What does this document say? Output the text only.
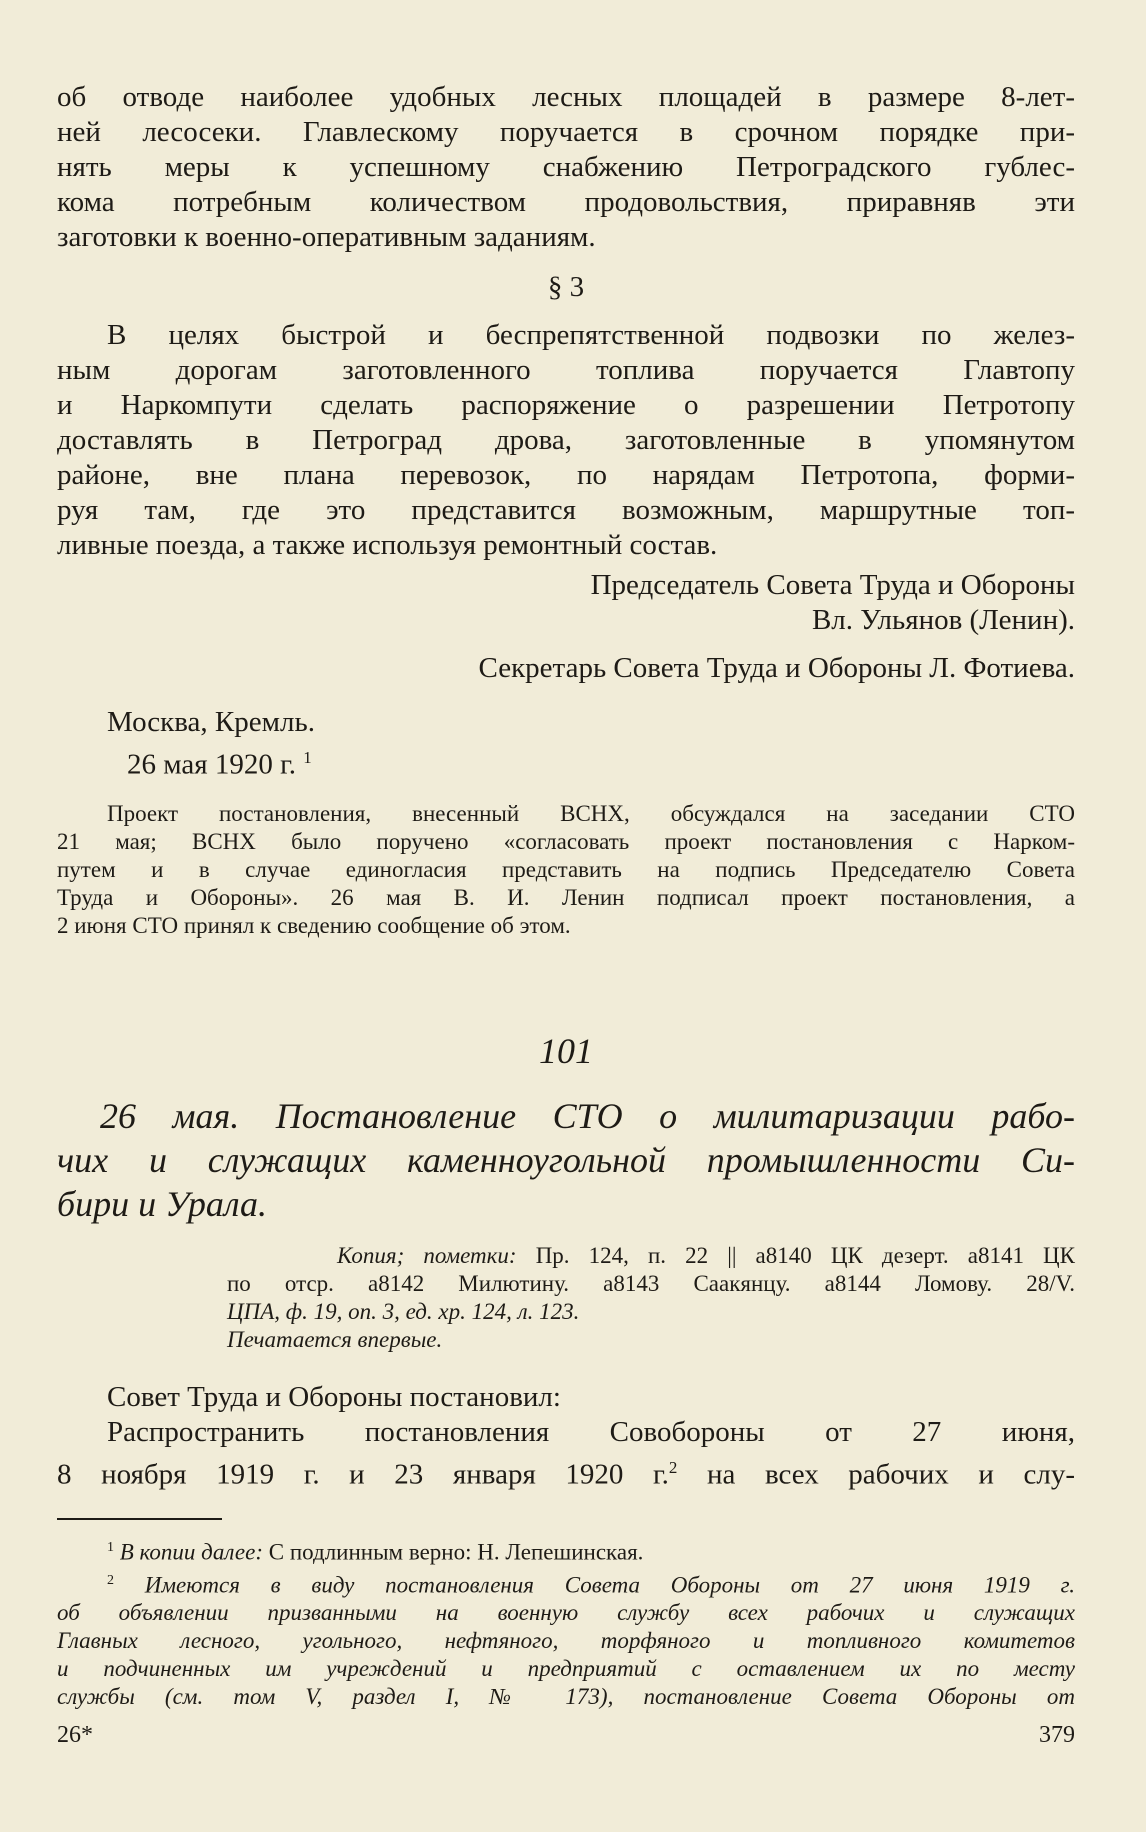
об отводе наиболее удобных лесных площадей в размере 8-лет-
ней лесосеки. Главлескому поручается в срочном порядке при-
нять меры к успешному снабжению Петроградского гублес-
кома потребным количеством продовольствия, приравняв эти
заготовки к военно-оперативным заданиям.
§ 3
В целях быстрой и беспрепятственной подвозки по желез-
ным дорогам заготовленного топлива поручается Главтопу
и Наркомпути сделать распоряжение о разрешении Петротопу
доставлять в Петроград дрова, заготовленные в упомянутом
районе, вне плана перевозок, по нарядам Петротопа, форми-
руя там, где это представится возможным, маршрутные топ-
ливные поезда, а также используя ремонтный состав.
Председатель Совета Труда и Обороны
Вл. Ульянов (Ленин).
Секретарь Совета Труда и Обороны Л. Фотиева.
Москва, Кремль.
26 мая 1920 г. $^1$
Проект постановления, внесенный ВСНХ, обсуждался на заседании СТО
21 мая; ВСНХ было поручено «согласовать проект постановления с Нарком-
путем и в случае единогласия представить на подпись Председателю Совета
Труда и Обороны». 26 мая В. И. Ленин подписал проект постановления, а
2 июня СТО принял к сведению сообщение об этом.
101
26 мая. Постановление СТО о милитаризации рабо-
чих и служащих каменноугольной промышленности Си-
бири и Урала.
Копия; пометки: Пр. 124, п. 22 || а8140 ЦК дезерт. а8141 ЦК
по отср. а8142 Милютину. а8143 Саакянцу. а8144 Ломову. 28/V.
ЦПА, ф. 19, оп. 3, ед. хр. 124, л. 123.
Печатается впервые.
Совет Труда и Обороны постановил:
Распространить постановления Совобороны от 27 июня,
8 ноября 1919 г. и 23 января 1920 г.$^2$ на всех рабочих и слу-
$^1$ В копии далее: С подлинным верно: Н. Лепешинская.
$^2$ Имеются в виду постановления Совета Обороны от 27 июня 1919 г.
об объявлении призванными на военную службу всех рабочих и служащих
Главных лесного, угольного, нефтяного, торфяного и топливного комитетов
и подчиненных им учреждений и предприятий с оставлением их по месту
службы (см. том V, раздел I, № 173), постановление Совета Обороны от
26*	379
